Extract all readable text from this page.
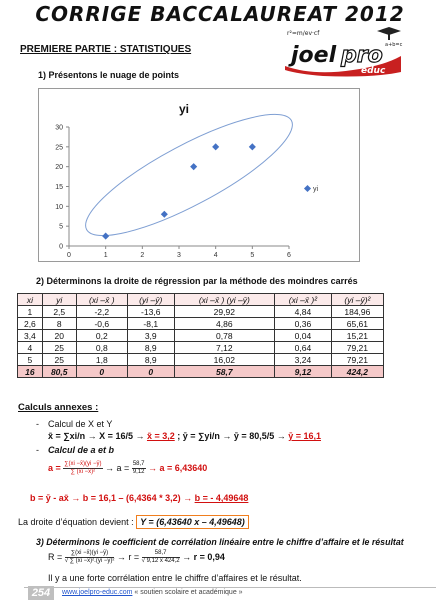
CORRIGE BACCALAUREAT 2012
PREMIERE PARTIE : STATISTIQUES
r²=m/ev·cf
a+b=c
joel pro
educ
1) Présentons le nuage de points
yi
0
5
10
15
20
25
30
0	1	2	3	4	5	6
yi
2) Déterminons la droite de régression par la méthode des moindres carrés
xi	yi	(xi –x̄ )	(yi –ȳ)	(xi –x̄ ) (yi –ȳ)	(xi –x̄ )²	(yi –ȳ)²
1	2,5	-2,2	-13,6	29,92	4,84	184,96
2,6	8	-0,6	-8,1	4,86	0,36	65,61
3,4	20	0,2	3,9	0,78	0,04	15,21
4	25	0,8	8,9	7,12	0,64	79,21
5	25	1,8	8,9	16,02	3,24	79,21
16	80,5	0	0	58,7	9,12	424,2
Calculs annexes :
- Calcul de X et Y
x̄ = ∑xi/n → X = 16/5 → x̄ = 3,2 ; ȳ = ∑yi/n → ȳ = 80,5/5 → ȳ = 16,1
- Calcul de a et b
$a = \frac{\sum(xi -x̄)(yi -ȳ)}{\text{∑ (xi −x̄)²}} \to a = \frac{58,7}{9,12} \to a = 6,43640$
b = ȳ - ax̄ → b = 16,1 – (6,4364 * 3,2) → b = - 4,49648
La droite d’équation devient : Y = (6,43640 x – 4,49648)
3) Déterminons le coefficient de corrélation linéaire entre le chiffre d’affaire et le résultat
$R = \frac{\sum(xi -x̄)(yi -ȳ)}{\text{√ ∑ (xi −x̄)².(yi −ȳ)²}} \to r = \frac{58,7}{√ 9,12 x 424,2} \to r = 0,94$
Il y a une forte corrélation entre le chiffre d’affaires et le résultat.
254	www.joelpro-educ.com « soutien scolaire et académique »
